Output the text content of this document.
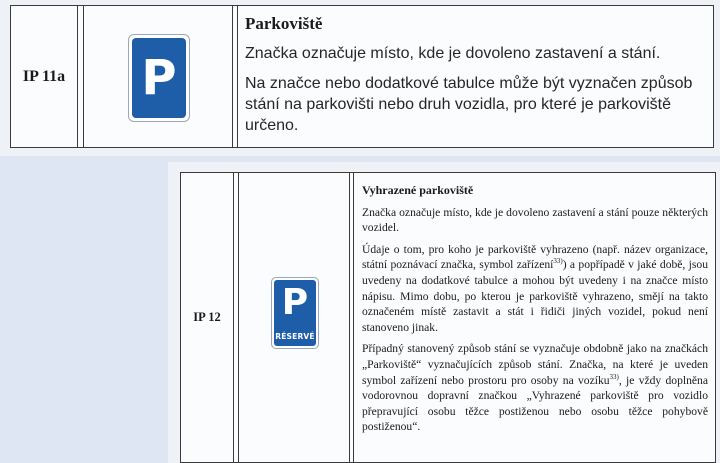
IP 11a P

Parkoviště

Značka označuje místo, kde je dovoleno zastavení a stání.

Na značce nebo dodatkové tabulce může být vyznačen způsob stání na parkovišti nebo druh vozidla, pro které je parkoviště určeno.

IP 12	P
RÉSERVÉ

Vyhrazené parkoviště

Značka označuje místo, kde je dovoleno zastavení a stání pouze některých vozidel.

Údaje o tom, pro koho je parkoviště vyhrazeno (např. název organizace, státní poznávací značka, symbol zařízení$^{33)}$) a popřípadě v jaké době, jsou uvedeny na dodatkové tabulce a mohou být uvedeny i na značce místo nápisu. Mimo dobu, po kterou je parkoviště vyhrazeno, smějí na takto označeném místě zastavit a stát i řidiči jiných vozidel, pokud není stanoveno jinak.

Případný stanovený způsob stání se vyznačuje obdobně jako na značkách „Parkoviště“ vyznačujících způsob stání. Značka, na které je uveden symbol zařízení nebo prostoru pro osoby na vozíku$^{33)}$, je vždy doplněna vodorovnou dopravní značkou „Vyhrazené parkoviště pro vozidlo přepravující osobu těžce postiženou nebo osobu těžce pohybově postiženou“.
